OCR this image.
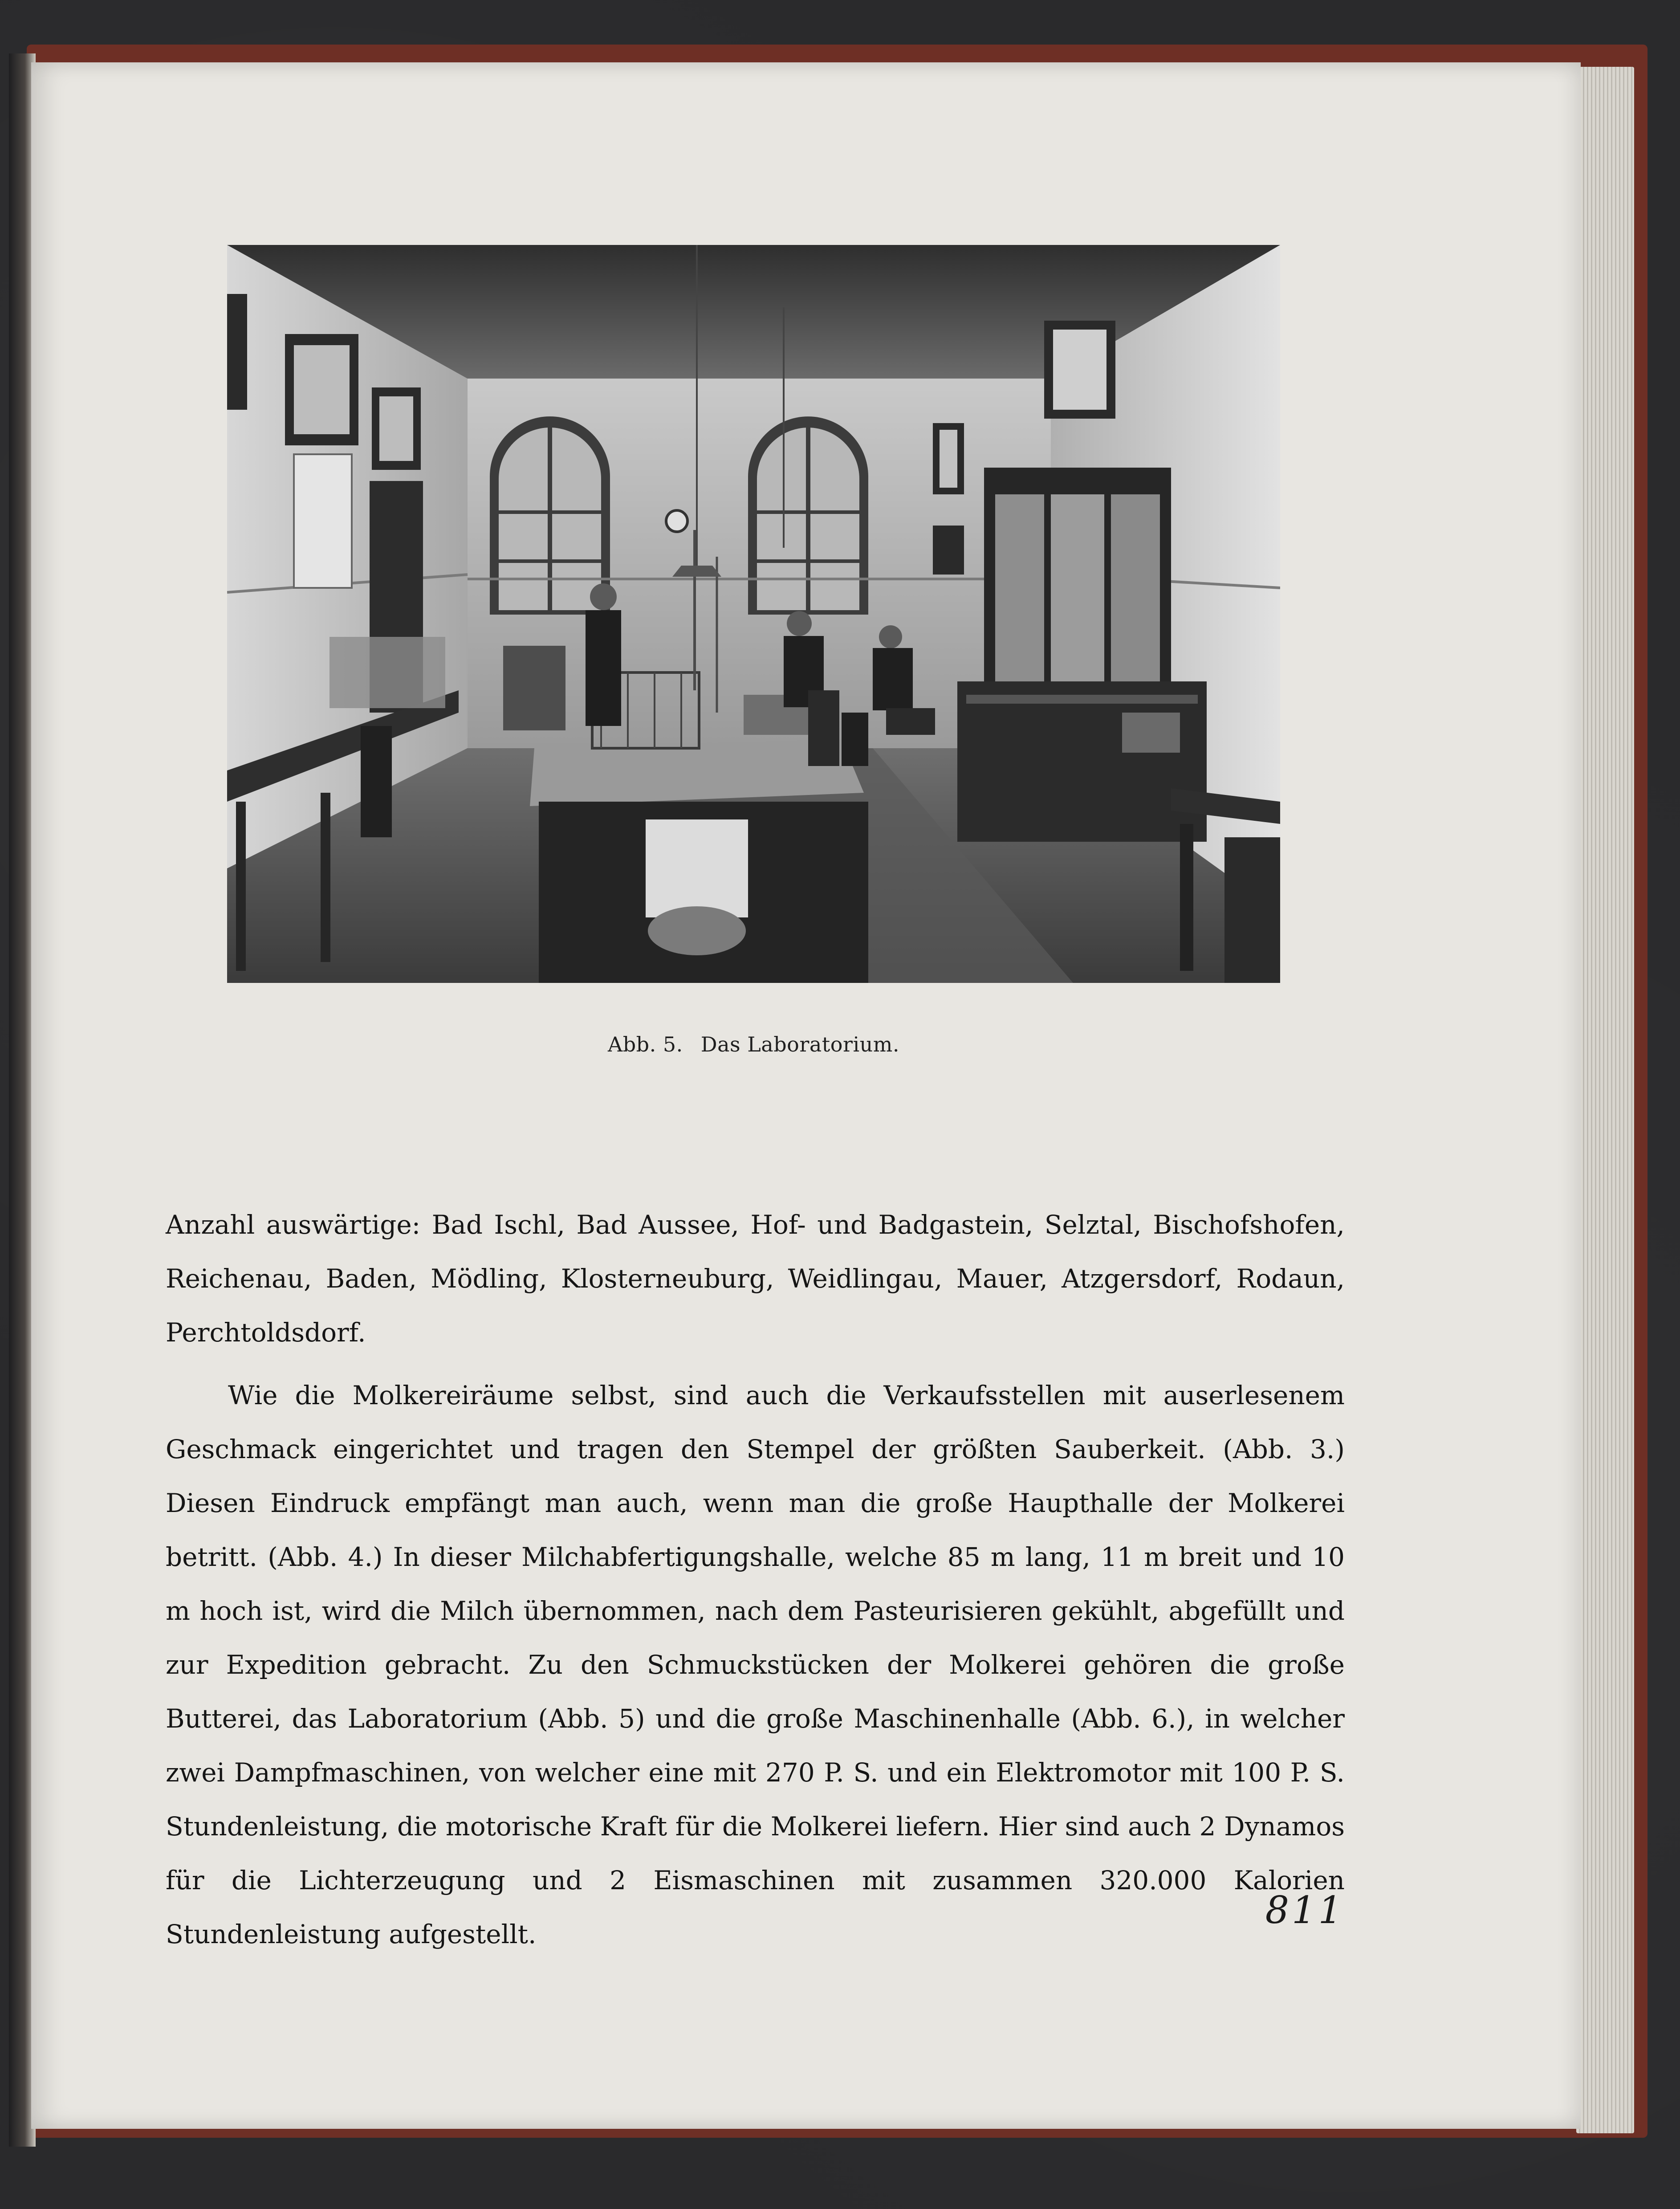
Abb. 5. Das Laboratorium.

Anzahl auswärtige: Bad Ischl, Bad Aussee, Hof- und Badgastein, Selztal, Bischofshofen, Reichenau, Baden, Mödling, Klosterneuburg, Weidlingau, Mauer, Atzgersdorf, Rodaun, Perchtoldsdorf.

Wie die Molkereiräume selbst, sind auch die Verkaufsstellen mit auserlesenem Geschmack eingerichtet und tragen den Stempel der größten Sauberkeit. (Abb. 3.) Diesen Eindruck empfängt man auch, wenn man die große Haupthalle der Molkerei betritt. (Abb. 4.) In dieser Milchabfertigungshalle, welche 85 m lang, 11 m breit und 10 m hoch ist, wird die Milch übernommen, nach dem Pasteurisieren gekühlt, abgefüllt und zur Expedition gebracht. Zu den Schmuckstücken der Molkerei gehören die große Butterei, das Laboratorium (Abb. 5) und die große Maschinenhalle (Abb. 6.), in welcher zwei Dampfmaschinen, von welcher eine mit 270 P. S. und ein Elektromotor mit 100 P. S. Stundenleistung, die motorische Kraft für die Molkerei liefern. Hier sind auch 2 Dynamos für die Lichterzeugung und 2 Eismaschinen mit zusammen 320.000 Kalorien Stundenleistung aufgestellt.

811
